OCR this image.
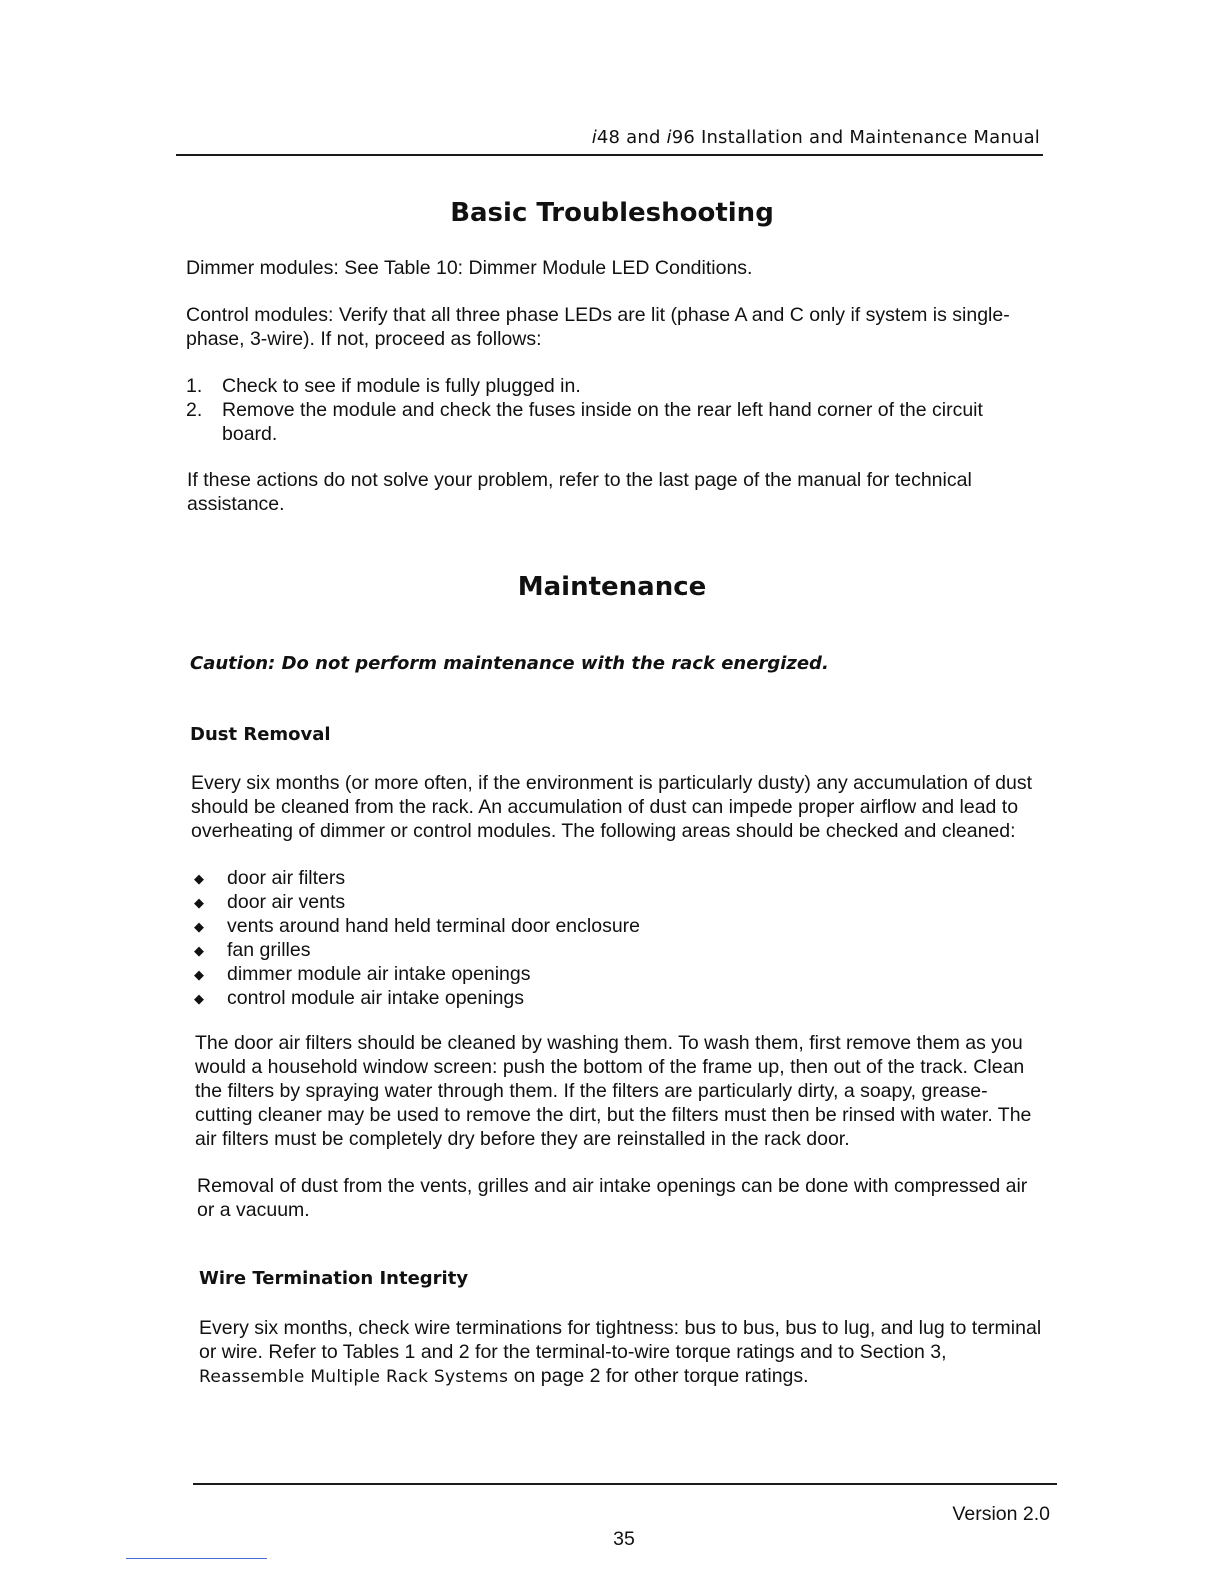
i48 and i96 Installation and Maintenance Manual
Basic Troubleshooting
Dimmer modules: See Table 10: Dimmer Module LED Conditions.
Control modules: Verify that all three phase LEDs are lit (phase A and C only if system is single-
phase, 3-wire). If not, proceed as follows:
1.	Check to see if module is fully plugged in.
2.	Remove the module and check the fuses inside on the rear left hand corner of the circuit
board.
If these actions do not solve your problem, refer to the last page of the manual for technical
assistance.
Maintenance
Caution: Do not perform maintenance with the rack energized.
Dust Removal
Every six months (or more often, if the environment is particularly dusty) any accumulation of dust
should be cleaned from the rack. An accumulation of dust can impede proper airflow and lead to
overheating of dimmer or control modules. The following areas should be checked and cleaned:
◆ door air filters
◆ door air vents
◆ vents around hand held terminal door enclosure
◆ fan grilles
◆ dimmer module air intake openings
◆ control module air intake openings
The door air filters should be cleaned by washing them. To wash them, first remove them as you
would a household window screen: push the bottom of the frame up, then out of the track. Clean
the filters by spraying water through them. If the filters are particularly dirty, a soapy, grease-
cutting cleaner may be used to remove the dirt, but the filters must then be rinsed with water. The
air filters must be completely dry before they are reinstalled in the rack door.
Removal of dust from the vents, grilles and air intake openings can be done with compressed air
or a vacuum.
Wire Termination Integrity
Every six months, check wire terminations for tightness: bus to bus, bus to lug, and lug to terminal
or wire. Refer to Tables 1 and 2 for the terminal-to-wire torque ratings and to Section 3,
Reassemble Multiple Rack Systems on page 2 for other torque ratings.
Version 2.0
35
